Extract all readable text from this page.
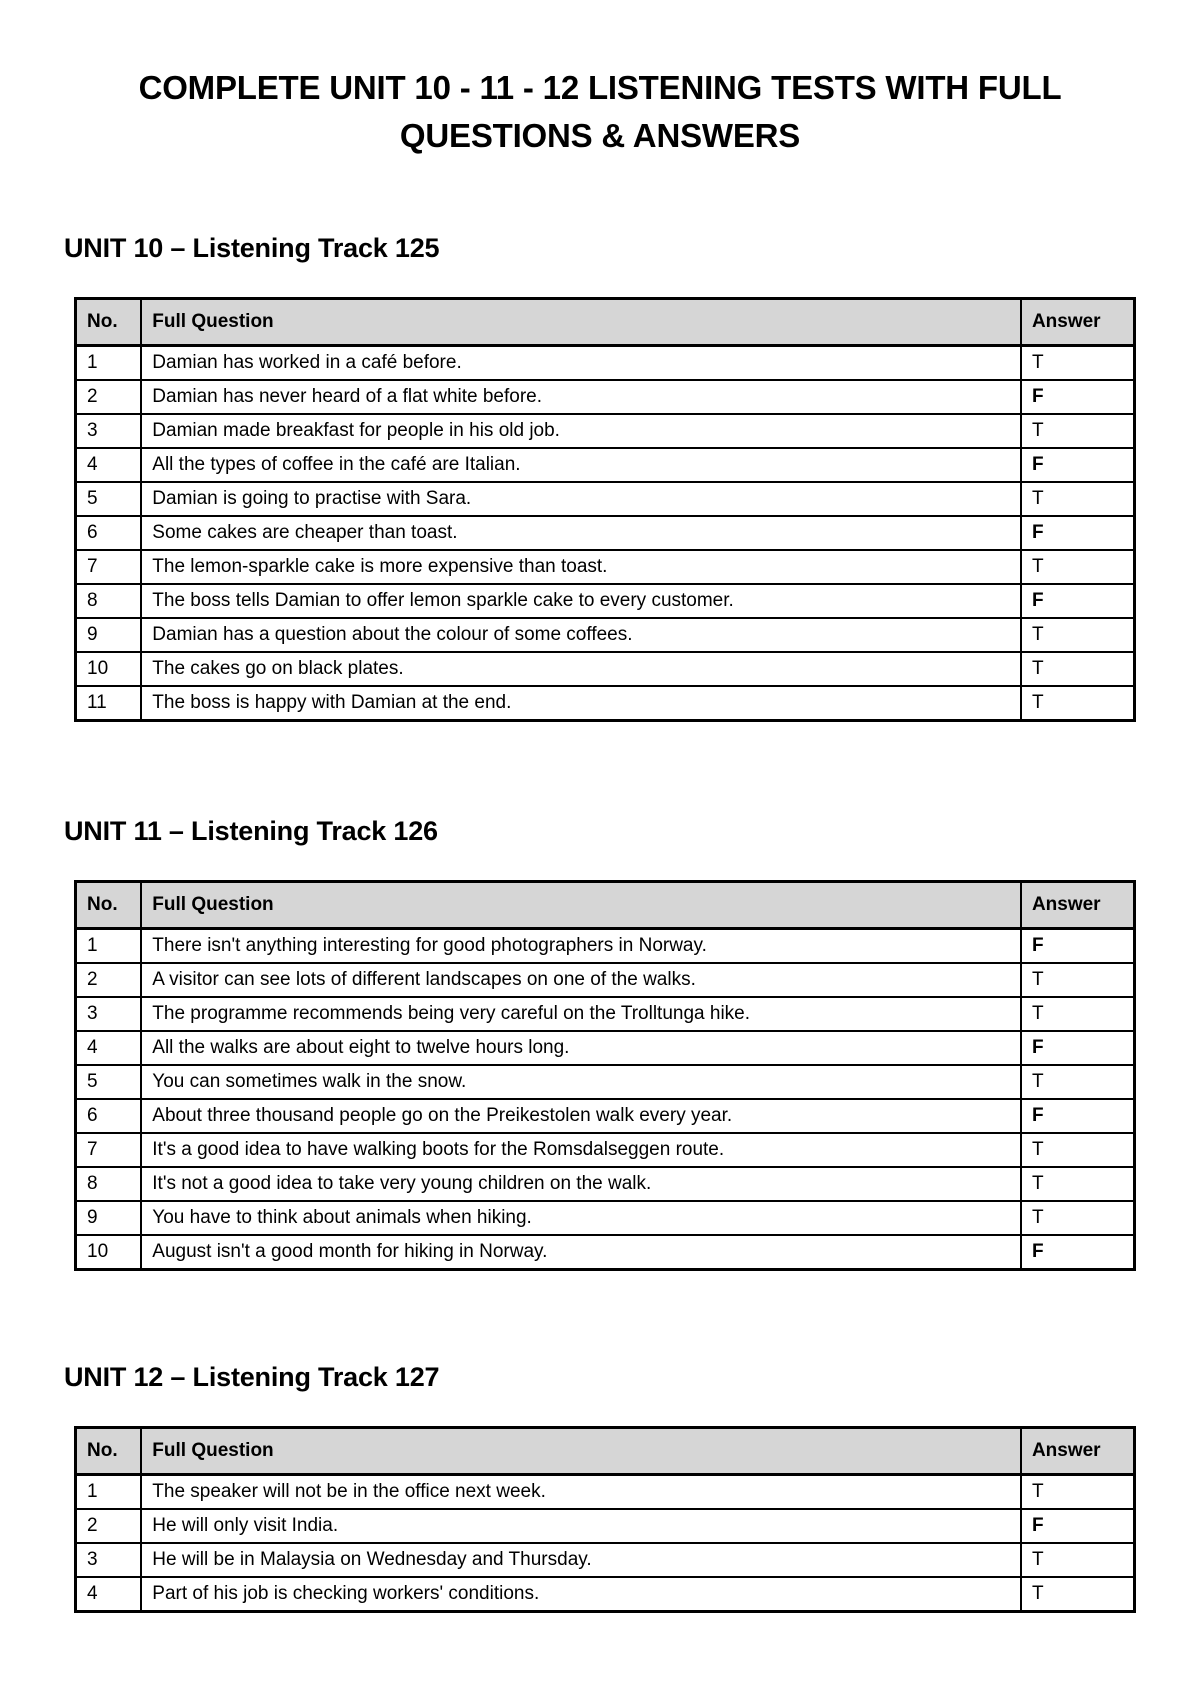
COMPLETE UNIT 10 - 11 - 12 LISTENING TESTS WITH FULL QUESTIONS & ANSWERS
UNIT 10 – Listening Track 125
No.	Full Question	Answer
1	Damian has worked in a café before.	T
2	Damian has never heard of a flat white before.	F
3	Damian made breakfast for people in his old job.	T
4	All the types of coffee in the café are Italian.	F
5	Damian is going to practise with Sara.	T
6	Some cakes are cheaper than toast.	F
7	The lemon-sparkle cake is more expensive than toast.	T
8	The boss tells Damian to offer lemon sparkle cake to every customer.	F
9	Damian has a question about the colour of some coffees.	T
10	The cakes go on black plates.	T
11	The boss is happy with Damian at the end.	T
UNIT 11 – Listening Track 126
No.	Full Question	Answer
1	There isn't anything interesting for good photographers in Norway.	F
2	A visitor can see lots of different landscapes on one of the walks.	T
3	The programme recommends being very careful on the Trolltunga hike.	T
4	All the walks are about eight to twelve hours long.	F
5	You can sometimes walk in the snow.	T
6	About three thousand people go on the Preikestolen walk every year.	F
7	It's a good idea to have walking boots for the Romsdalseggen route.	T
8	It's not a good idea to take very young children on the walk.	T
9	You have to think about animals when hiking.	T
10	August isn't a good month for hiking in Norway.	F
UNIT 12 – Listening Track 127
No.	Full Question	Answer
1	The speaker will not be in the office next week.	T
2	He will only visit India.	F
3	He will be in Malaysia on Wednesday and Thursday.	T
4	Part of his job is checking workers' conditions.	T
